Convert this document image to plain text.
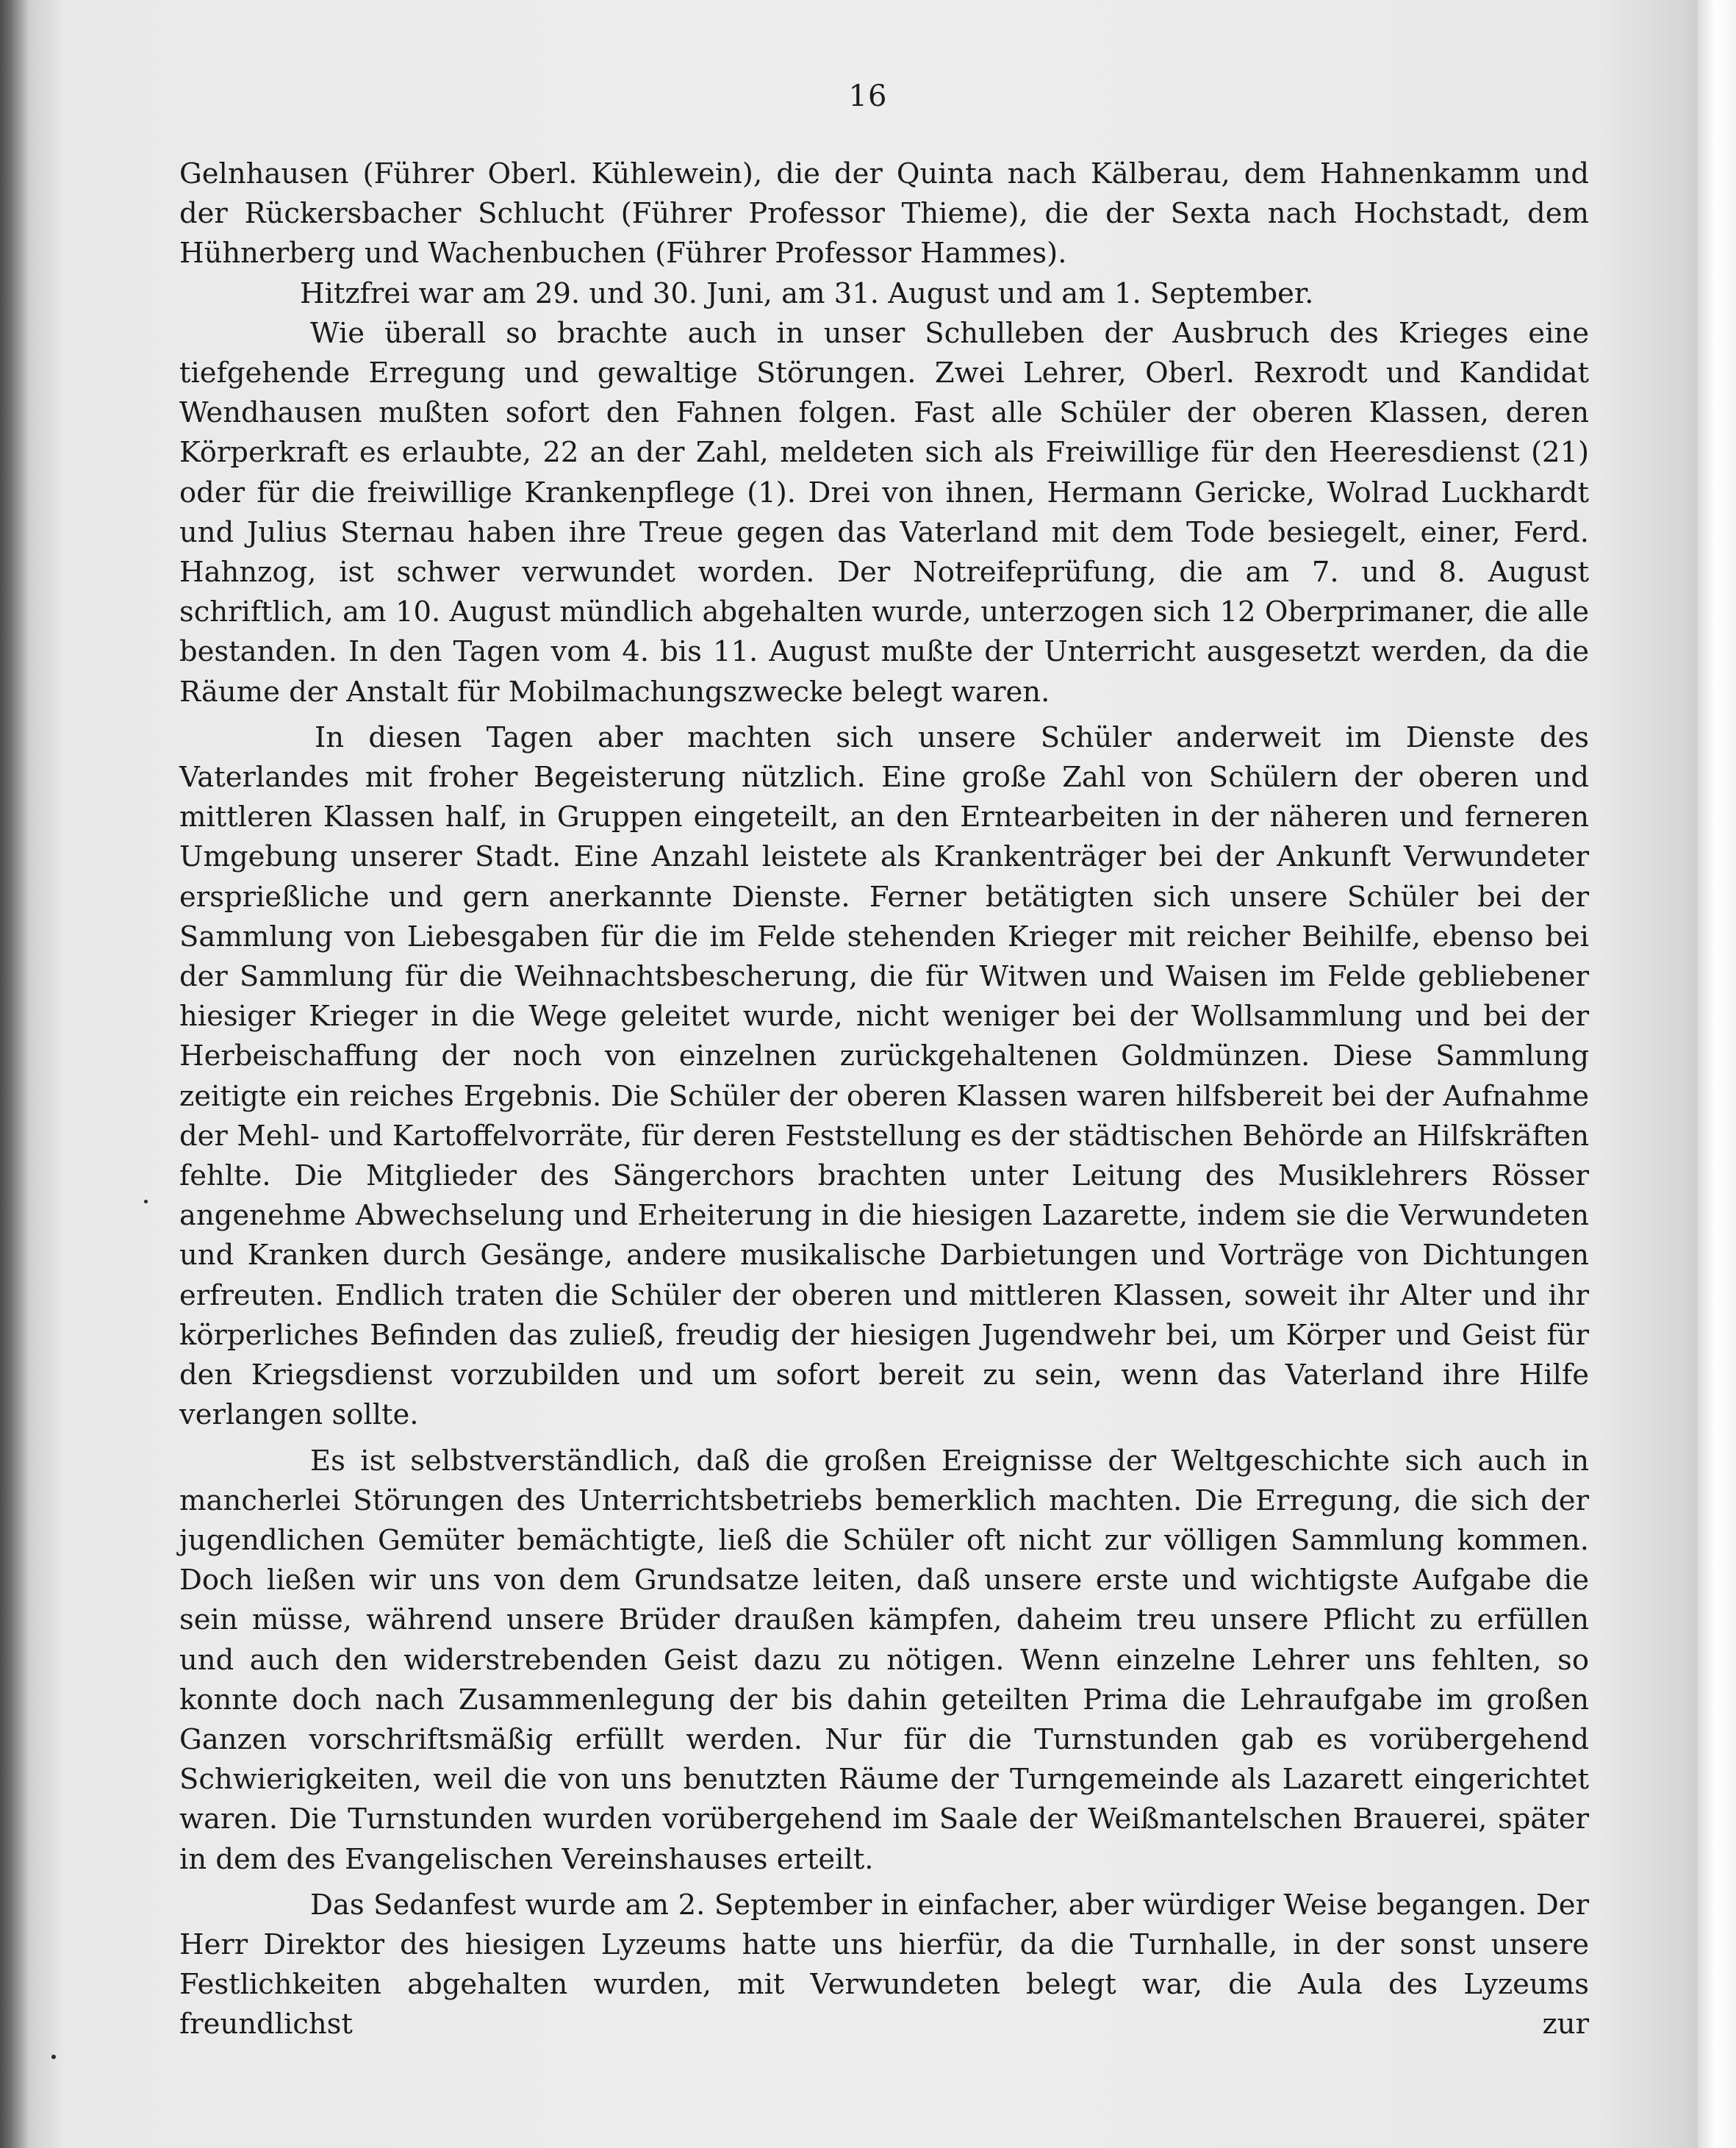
16

Gelnhausen (Führer Oberl. Kühlewein), die der Quinta nach Kälberau, dem Hahnenkamm und der Rückersbacher Schlucht (Führer Professor Thieme), die der Sexta nach Hochstadt, dem Hühnerberg und Wachenbuchen (Führer Professor Hammes).

Hitzfrei war am 29. und 30. Juni, am 31. August und am 1. September.

Wie überall so brachte auch in unser Schulleben der Ausbruch des Krieges eine tiefgehende Erregung und gewaltige Störungen. Zwei Lehrer, Oberl. Rexrodt und Kandidat Wendhausen mußten sofort den Fahnen folgen. Fast alle Schüler der oberen Klassen, deren Körperkraft es erlaubte, 22 an der Zahl, meldeten sich als Freiwillige für den Heeresdienst (21) oder für die freiwillige Krankenpflege (1). Drei von ihnen, Hermann Gericke, Wolrad Luckhardt und Julius Sternau haben ihre Treue gegen das Vaterland mit dem Tode besiegelt, einer, Ferd. Hahnzog, ist schwer verwundet worden. Der Notreifeprüfung, die am 7. und 8. August schriftlich, am 10. August mündlich abgehalten wurde, unterzogen sich 12 Oberprimaner, die alle bestanden. In den Tagen vom 4. bis 11. August mußte der Unterricht ausgesetzt werden, da die Räume der Anstalt für Mobilmachungszwecke belegt waren.

In diesen Tagen aber machten sich unsere Schüler anderweit im Dienste des Vaterlandes mit froher Begeisterung nützlich. Eine große Zahl von Schülern der oberen und mittleren Klassen half, in Gruppen eingeteilt, an den Erntearbeiten in der näheren und ferneren Umgebung unserer Stadt. Eine Anzahl leistete als Krankenträger bei der Ankunft Verwundeter ersprießliche und gern anerkannte Dienste. Ferner betätigten sich unsere Schüler bei der Sammlung von Liebesgaben für die im Felde stehenden Krieger mit reicher Beihilfe, ebenso bei der Sammlung für die Weihnachtsbescherung, die für Witwen und Waisen im Felde gebliebener hiesiger Krieger in die Wege geleitet wurde, nicht weniger bei der Wollsammlung und bei der Herbeischaffung der noch von einzelnen zurückgehaltenen Goldmünzen. Diese Sammlung zeitigte ein reiches Ergebnis. Die Schüler der oberen Klassen waren hilfsbereit bei der Aufnahme der Mehl- und Kartoffelvorräte, für deren Feststellung es der städtischen Behörde an Hilfskräften fehlte. Die Mitglieder des Sängerchors brachten unter Leitung des Musiklehrers Rösser angenehme Abwechselung und Erheiterung in die hiesigen Lazarette, indem sie die Verwundeten und Kranken durch Gesänge, andere musikalische Darbietungen und Vorträge von Dichtungen erfreuten. Endlich traten die Schüler der oberen und mittleren Klassen, soweit ihr Alter und ihr körperliches Befinden das zuließ, freudig der hiesigen Jugendwehr bei, um Körper und Geist für den Kriegsdienst vorzubilden und um sofort bereit zu sein, wenn das Vaterland ihre Hilfe verlangen sollte.

Es ist selbstverständlich, daß die großen Ereignisse der Weltgeschichte sich auch in mancherlei Störungen des Unterrichtsbetriebs bemerklich machten. Die Erregung, die sich der jugendlichen Gemüter bemächtigte, ließ die Schüler oft nicht zur völligen Sammlung kommen. Doch ließen wir uns von dem Grundsatze leiten, daß unsere erste und wichtigste Aufgabe die sein müsse, während unsere Brüder draußen kämpfen, daheim treu unsere Pflicht zu erfüllen und auch den widerstrebenden Geist dazu zu nötigen. Wenn einzelne Lehrer uns fehlten, so konnte doch nach Zusammenlegung der bis dahin geteilten Prima die Lehraufgabe im großen Ganzen vorschriftsmäßig erfüllt werden. Nur für die Turnstunden gab es vorübergehend Schwierigkeiten, weil die von uns benutzten Räume der Turngemeinde als Lazarett eingerichtet waren. Die Turnstunden wurden vorübergehend im Saale der Weißmantelschen Brauerei, später in dem des Evangelischen Vereinshauses erteilt.

Das Sedanfest wurde am 2. September in einfacher, aber würdiger Weise begangen. Der Herr Direktor des hiesigen Lyzeums hatte uns hierfür, da die Turnhalle, in der sonst unsere Festlichkeiten abgehalten wurden, mit Verwundeten belegt war, die Aula des Lyzeums freundlichst zur
